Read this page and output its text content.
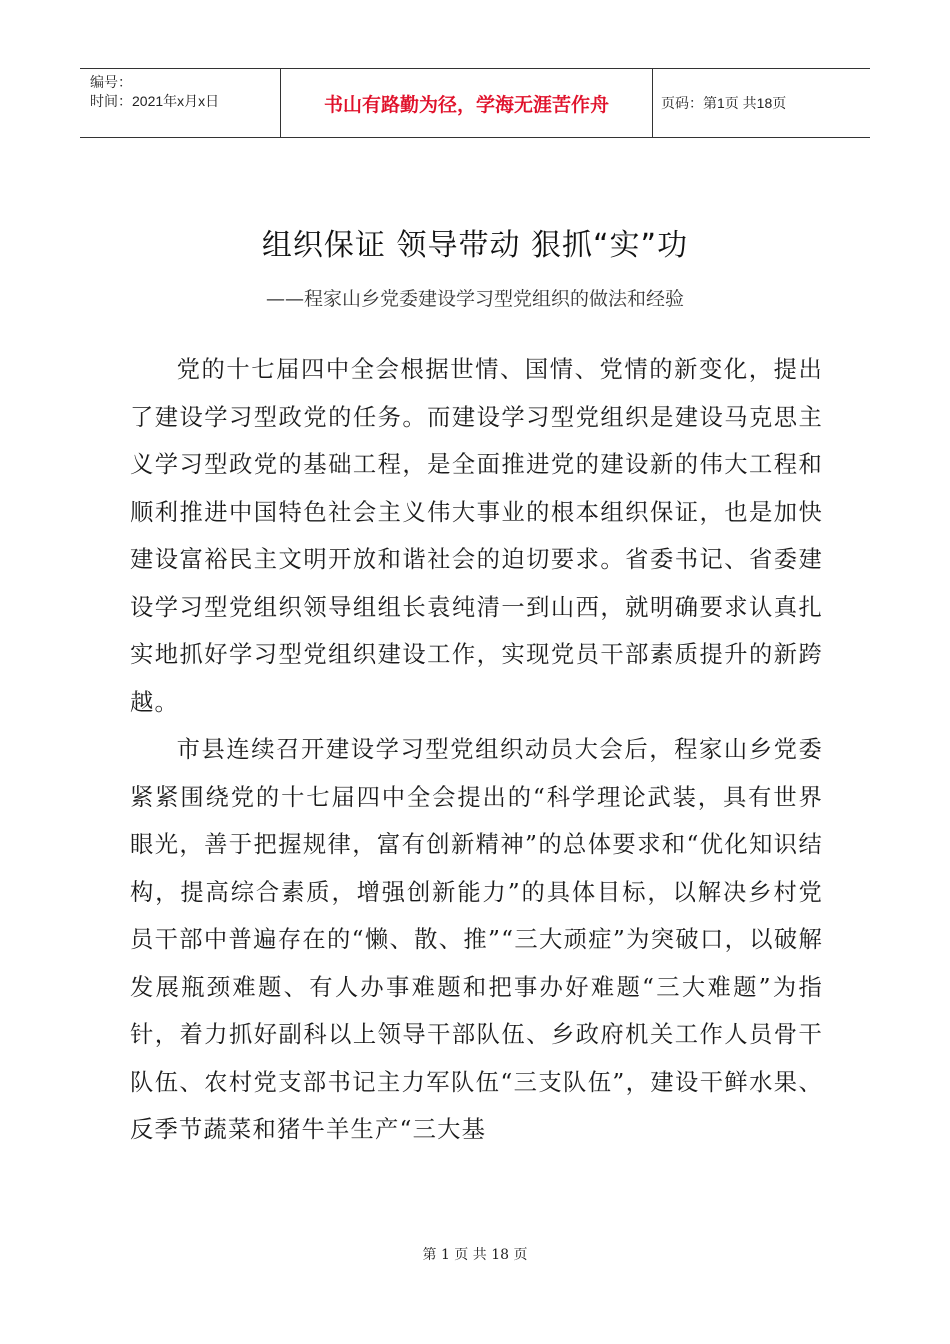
编号：
时间：2021年x月x日	书山有路勤为径，学海无涯苦作舟	页码：第1页 共18页
组织保证 领导带动 狠抓“实”功
——程家山乡党委建设学习型党组织的做法和经验

党的十七届四中全会根据世情、国情、党情的新变化，提出了建设学习型政党的任务。而建设学习型党组织是建设马克思主义学习型政党的基础工程，是全面推进党的建设新的伟大工程和顺利推进中国特色社会主义伟大事业的根本组织保证，也是加快建设富裕民主文明开放和谐社会的迫切要求。省委书记、省委建设学习型党组织领导组组长袁纯清一到山西，就明确要求认真扎实地抓好学习型党组织建设工作，实现党员干部素质提升的新跨越。

市县连续召开建设学习型党组织动员大会后，程家山乡党委紧紧围绕党的十七届四中全会提出的“科学理论武装，具有世界眼光，善于把握规律，富有创新精神”的总体要求和“优化知识结构，提高综合素质，增强创新能力”的具体目标，以解决乡村党员干部中普遍存在的“懒、散、推”“三大顽症”为突破口，以破解发展瓶颈难题、有人办事难题和把事办好难题“三大难题”为指针，着力抓好副科以上领导干部队伍、乡政府机关工作人员骨干队伍、农村党支部书记主力军队伍“三支队伍”，建设干鲜水果、反季节蔬菜和猪牛羊生产“三大基

第 1 页 共 18 页
